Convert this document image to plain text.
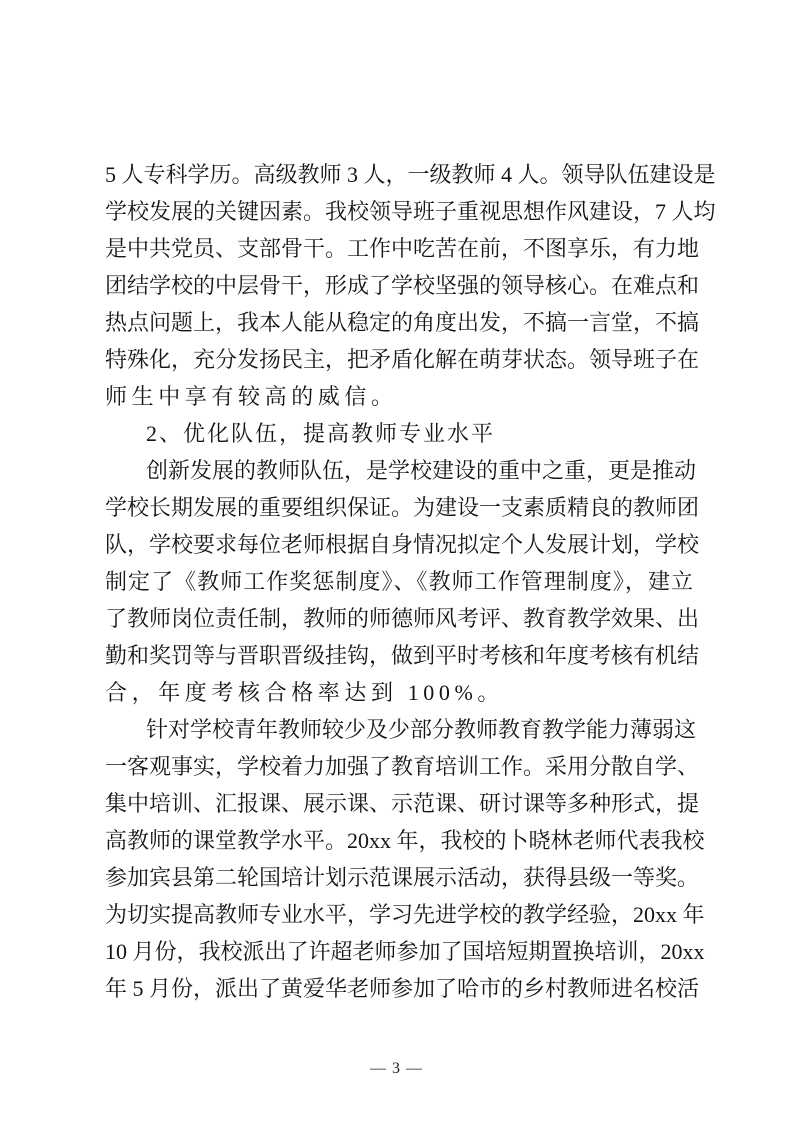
5 人专科学历。高级教师 3 人，一级教师 4 人。领导队伍建设是
学校发展的关键因素。我校领导班子重视思想作风建设，7 人均
是中共党员、支部骨干。工作中吃苦在前，不图享乐，有力地
团结学校的中层骨干，形成了学校坚强的领导核心。在难点和
热点问题上，我本人能从稳定的角度出发，不搞一言堂，不搞
特殊化，充分发扬民主，把矛盾化解在萌芽状态。领导班子在
师生中享有较高的威信。
2、优化队伍，提高教师专业水平
创新发展的教师队伍，是学校建设的重中之重，更是推动
学校长期发展的重要组织保证。为建设一支素质精良的教师团
队，学校要求每位老师根据自身情况拟定个人发展计划，学校
制定了《教师工作奖惩制度》、《教师工作管理制度》，建立
了教师岗位责任制，教师的师德师风考评、教育教学效果、出
勤和奖罚等与晋职晋级挂钩，做到平时考核和年度考核有机结
合，年度考核合格率达到 100%。
针对学校青年教师较少及少部分教师教育教学能力薄弱这
一客观事实，学校着力加强了教育培训工作。采用分散自学、
集中培训、汇报课、展示课、示范课、研讨课等多种形式，提
高教师的课堂教学水平。20xx 年，我校的卜晓林老师代表我校
参加宾县第二轮国培计划示范课展示活动，获得县级一等奖。
为切实提高教师专业水平，学习先进学校的教学经验，20xx 年
10 月份，我校派出了许超老师参加了国培短期置换培训，20xx
年 5 月份，派出了黄爱华老师参加了哈市的乡村教师进名校活
— 3 —
